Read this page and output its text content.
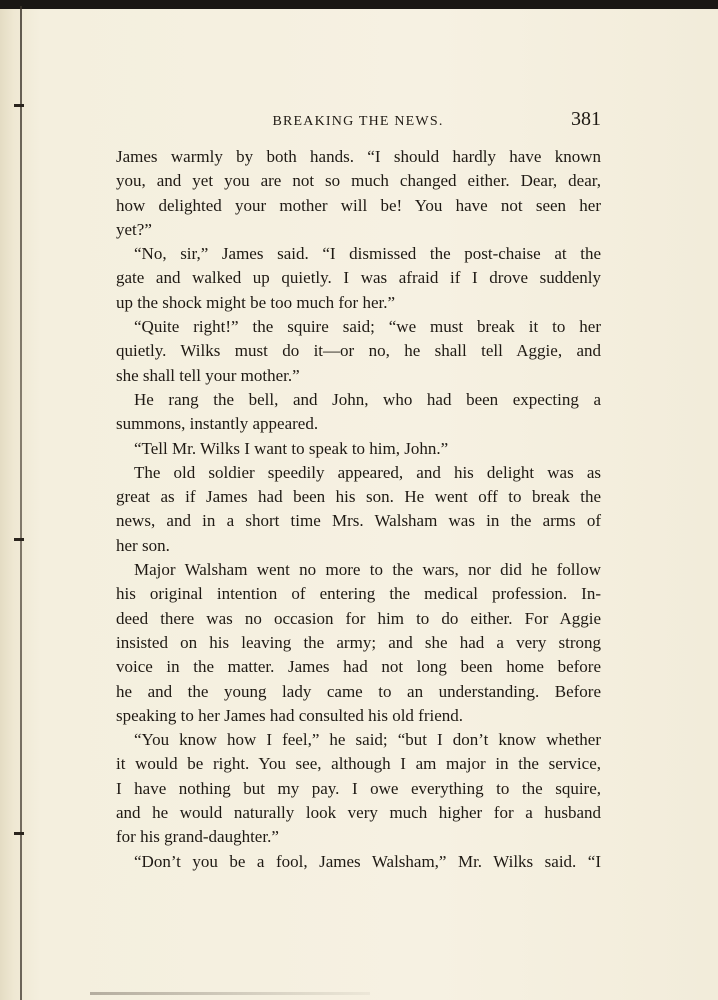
BREAKING THE NEWS.	381
James warmly by both hands. “I should hardly have known
you, and yet you are not so much changed either. Dear, dear,
how delighted your mother will be! You have not seen her
yet?”
“No, sir,” James said. “I dismissed the post-chaise at the
gate and walked up quietly. I was afraid if I drove suddenly
up the shock might be too much for her.”
“Quite right!” the squire said; “we must break it to her
quietly. Wilks must do it—or no, he shall tell Aggie, and
she shall tell your mother.”
He rang the bell, and John, who had been expecting a
summons, instantly appeared.
“Tell Mr. Wilks I want to speak to him, John.”
The old soldier speedily appeared, and his delight was as
great as if James had been his son. He went off to break the
news, and in a short time Mrs. Walsham was in the arms of
her son.
Major Walsham went no more to the wars, nor did he follow
his original intention of entering the medical profession. In-
deed there was no occasion for him to do either. For Aggie
insisted on his leaving the army; and she had a very strong
voice in the matter. James had not long been home before
he and the young lady came to an understanding. Before
speaking to her James had consulted his old friend.
“You know how I feel,” he said; “but I don’t know whether
it would be right. You see, although I am major in the service,
I have nothing but my pay. I owe everything to the squire,
and he would naturally look very much higher for a husband
for his grand-daughter.”
“Don’t you be a fool, James Walsham,” Mr. Wilks said. “I
